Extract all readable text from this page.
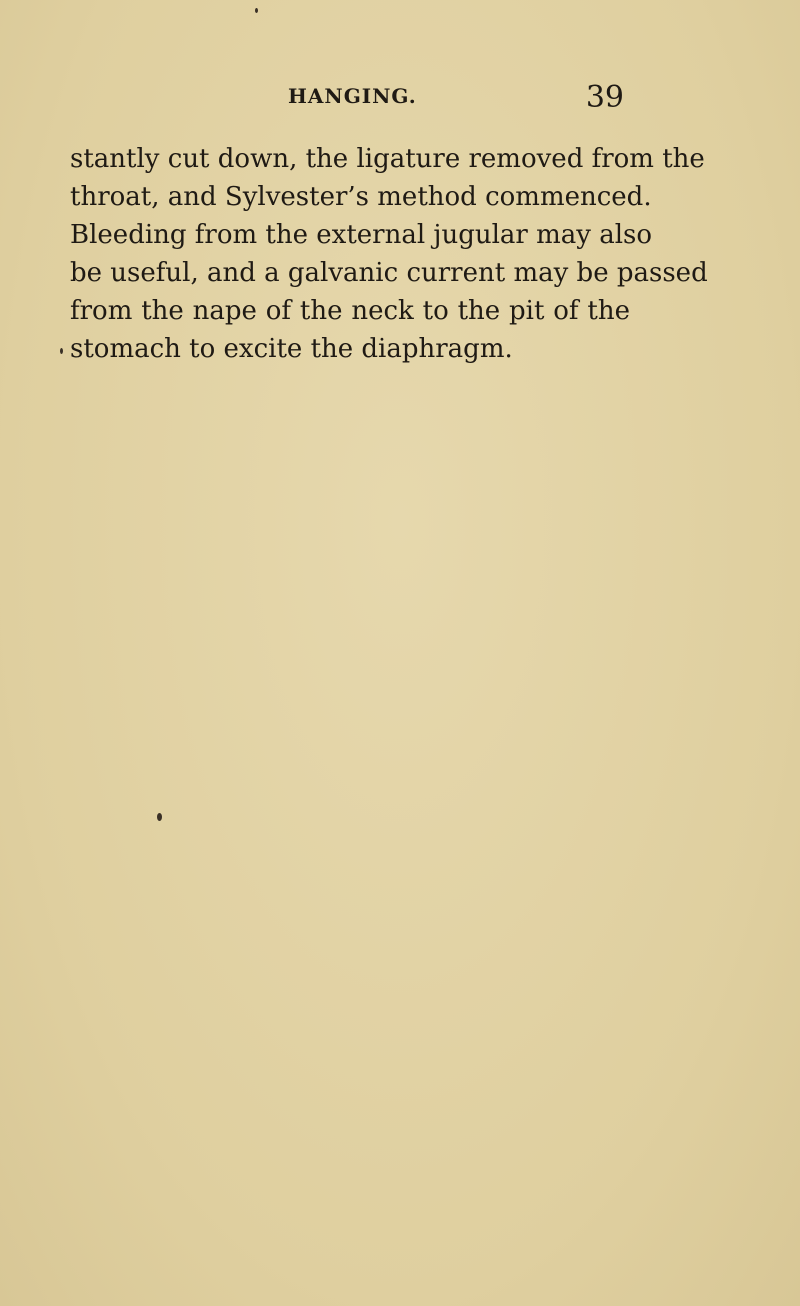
HANGING.	39
stantly cut down, the ligature removed from the
throat, and Sylvester’s method commenced.
Bleeding from the external jugular may also
be useful, and a galvanic current may be passed
from the nape of the neck to the pit of the
stomach to excite the diaphragm.
